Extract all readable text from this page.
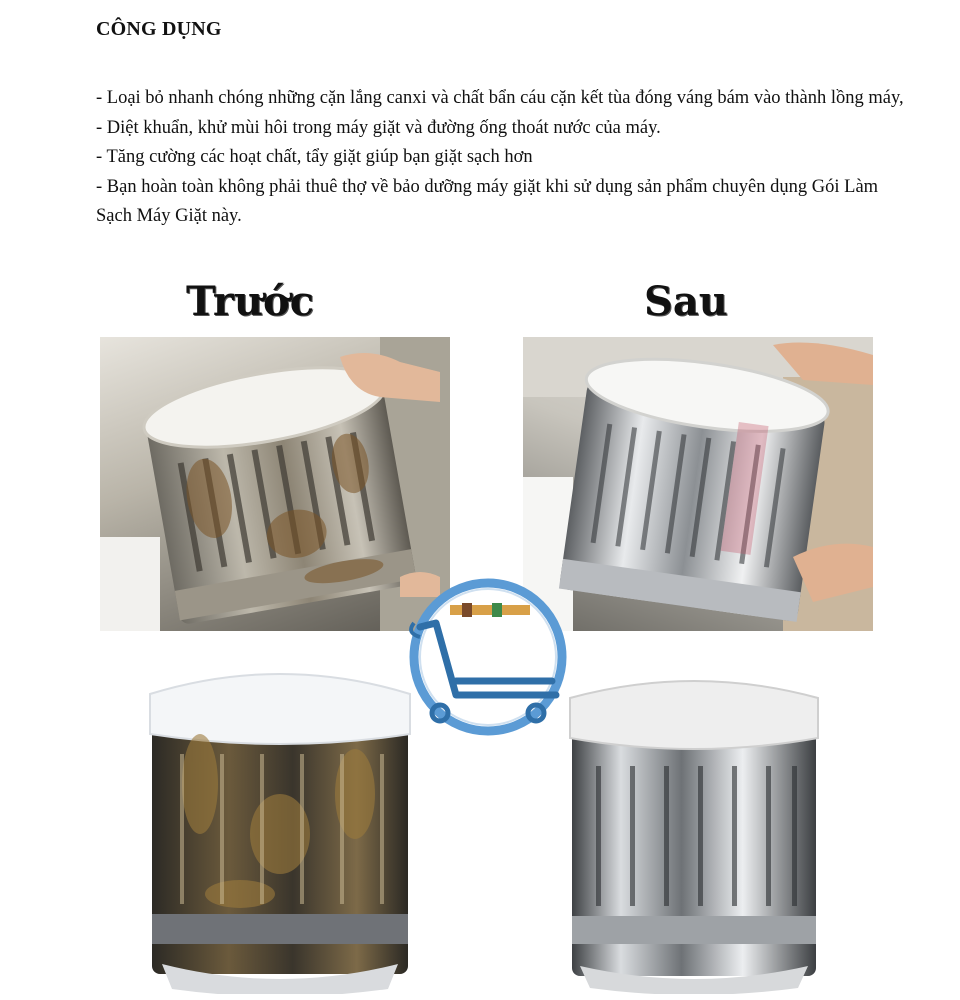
CÔNG DỤNG

- Loại bỏ nhanh chóng những cặn lắng canxi và chất bẩn cáu cặn kết tùa đóng váng bám vào thành lồng máy,

- Diệt khuẩn, khử mùi hôi trong máy giặt và đường ống thoát nước của máy.

- Tăng cường các hoạt chất, tẩy giặt giúp bạn giặt sạch hơn

- Bạn hoàn toàn không phải thuê thợ về bảo dưỡng máy giặt khi sử dụng sản phẩm chuyên dụng Gói Làm Sạch Máy Giặt này.

Trước	Sau
